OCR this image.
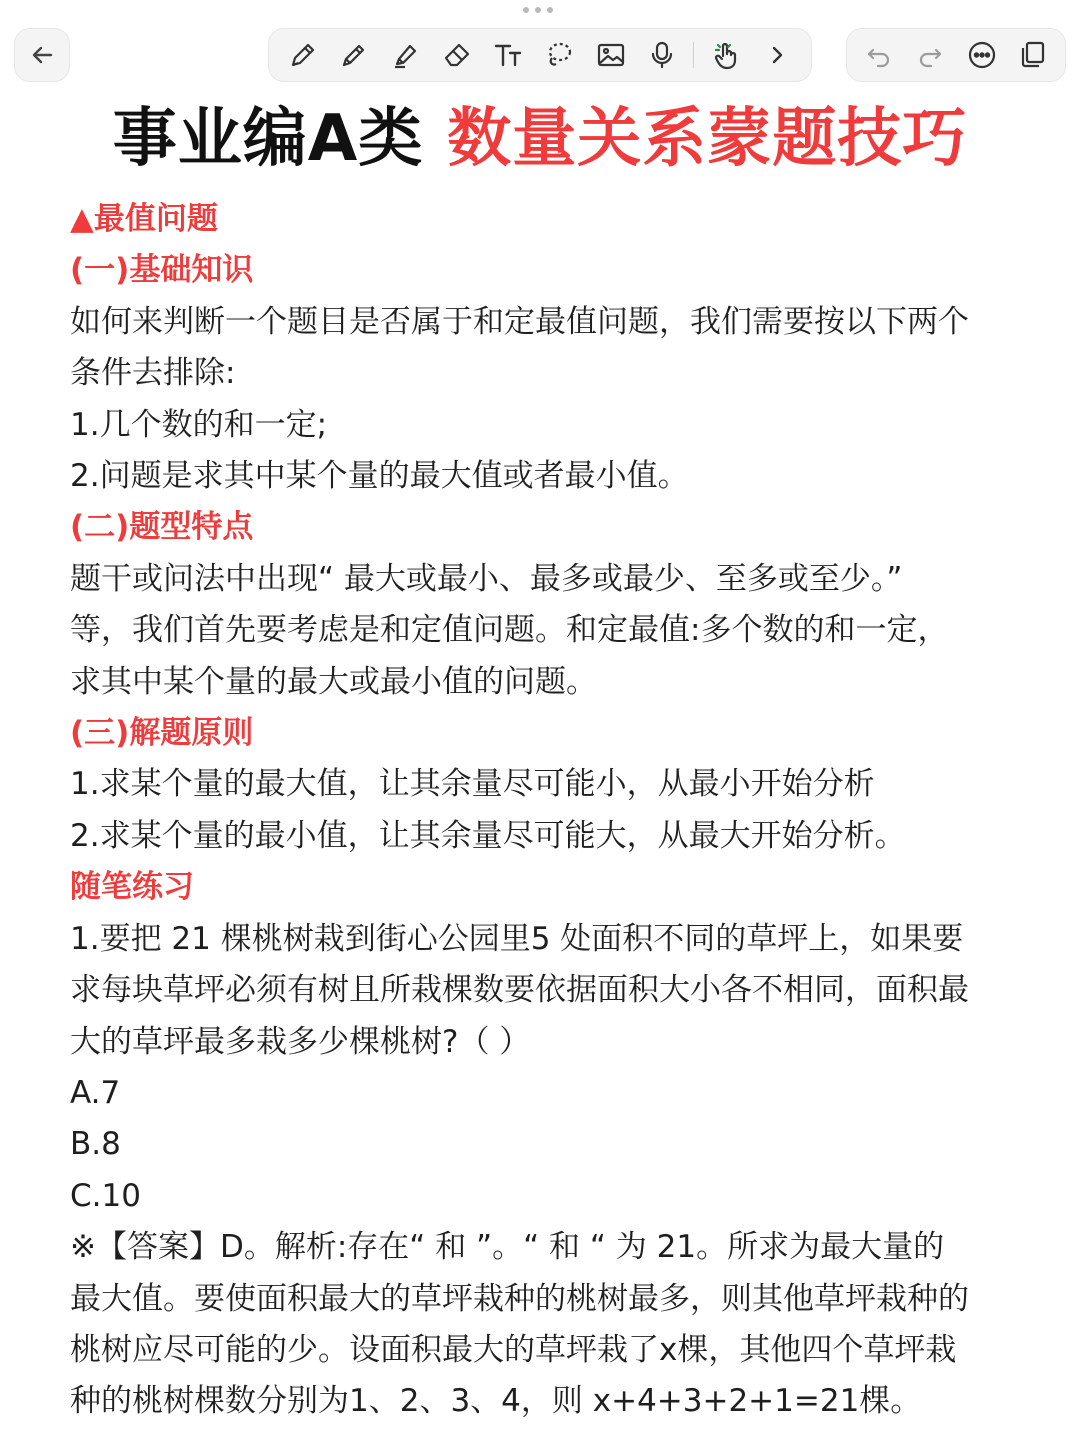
事业编A类 数量关系蒙题技巧

▲最值问题

(一)基础知识

如何来判断一个题目是否属于和定最值问题，我们需要按以下两个

条件去排除:

1.几个数的和一定;

2.问题是求其中某个量的最大值或者最小值。

(二)题型特点

题干或问法中出现“ 最大或最小、最多或最少、至多或至少。”

等，我们首先要考虑是和定值问题。和定最值:多个数的和一定，

求其中某个量的最大或最小值的问题。

(三)解题原则

1.求某个量的最大值，让其余量尽可能小，从最小开始分析

2.求某个量的最小值，让其余量尽可能大，从最大开始分析。

随笔练习

1.要把 21 棵桃树栽到街心公园里5 处面积不同的草坪上，如果要

求每块草坪必须有树且所栽棵数要依据面积大小各不相同，面积最

大的草坪最多栽多少棵桃树?（ ）

A.7

B.8

C.10

※【答案】D。解析:存在“ 和 ”。“ 和 “ 为 21。所求为最大量的

最大值。要使面积最大的草坪栽种的桃树最多，则其他草坪栽种的

桃树应尽可能的少。设面积最大的草坪栽了x棵，其他四个草坪栽

种的桃树棵数分别为1、2、3、4，则 x+4+3+2+1=21棵。
